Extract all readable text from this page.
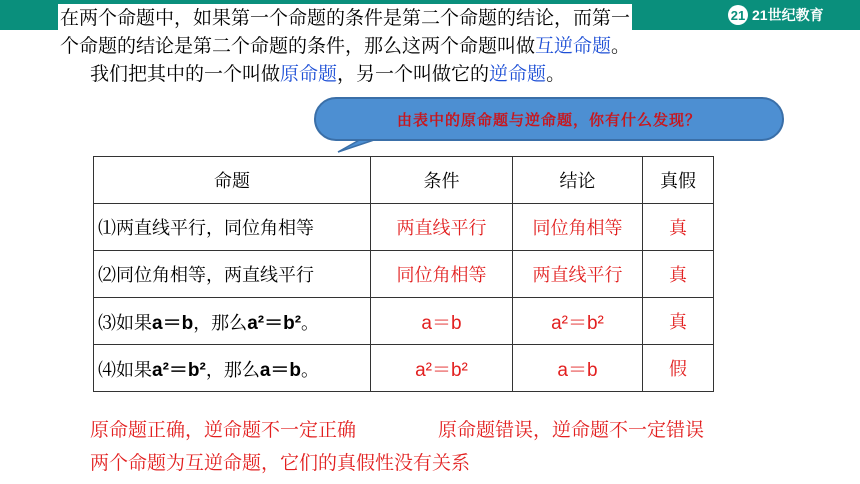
21 21世纪教育
在两个命题中，如果第一个命题的条件是第二个命题的结论，而第一
个命题的结论是第二个命题的条件，那么这两个命题叫做互逆命题。
我们把其中的一个叫做原命题，另一个叫做它的逆命题。
由表中的原命题与逆命题，你有什么发现？
命题	条件	结论	真假
⑴两直线平行，同位角相等	两直线平行	同位角相等	真
⑵同位角相等，两直线平行	同位角相等	两直线平行	真
⑶如果a＝b，那么a²＝b²。	a＝b	a²＝b²	真
⑷如果a²＝b²，那么a＝b。	a²＝b²	a＝b	假
原命题正确，逆命题不一定正确	原命题错误，逆命题不一定错误
两个命题为互逆命题，它们的真假性没有关系
